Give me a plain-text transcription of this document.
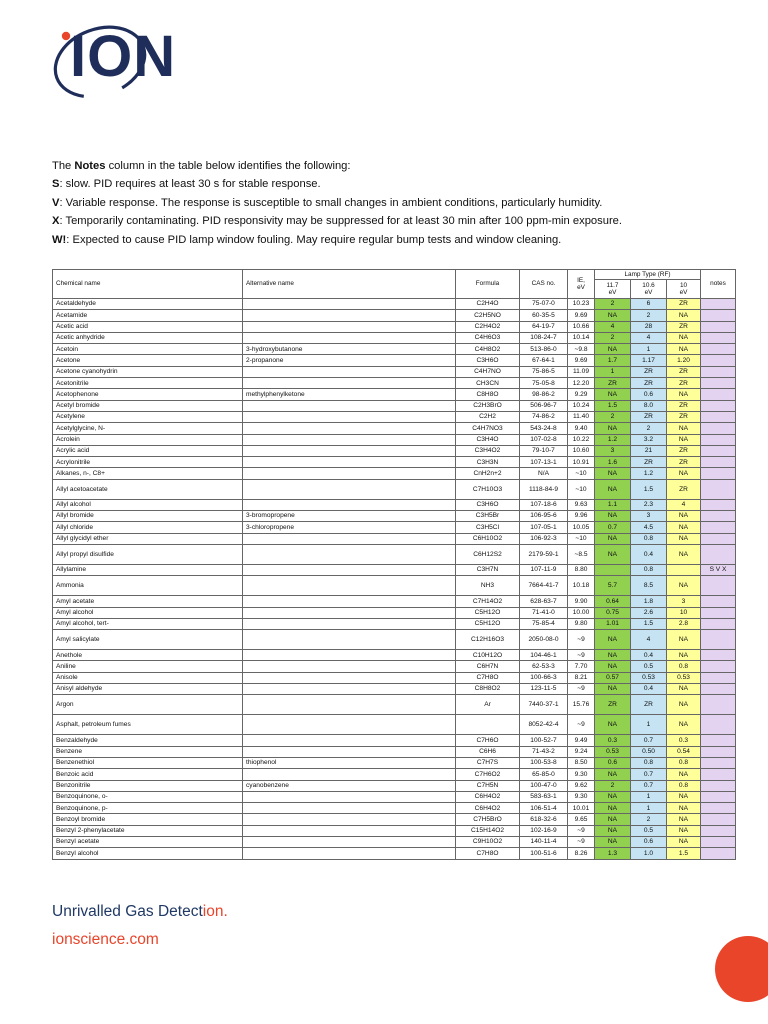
ION

The Notes column in the table below identifies the following:

S: slow. PID requires at least 30 s for stable response.

V: Variable response. The response is susceptible to small changes in ambient conditions, particularly humidity.

X: Temporarily contaminating. PID responsivity may be suppressed for at least 30 min after 100 ppm-min exposure.

W!: Expected to cause PID lamp window fouling. May require regular bump tests and window cleaning.

Chemical name	Alternative name	Formula	CAS no.	IE,
eV	Lamp Type (RF)			notes
					11.7
eV	10.6
eV	10
eV	

Acetaldehyde		C2H4O	75-07-0	10.23	2	6	ZR	
Acetamide		C2H5NO	60-35-5	9.69	NA	2	NA	
Acetic acid		C2H4O2	64-19-7	10.66	4	28	ZR	
Acetic anhydride		C4H6O3	108-24-7	10.14	2	4	NA	
Acetoin	3-hydroxybutanone	C4H8O2	513-86-0	~9.8	NA	1	NA	
Acetone	2-propanone	C3H6O	67-64-1	9.69	1.7	1.17	1.20	
Acetone cyanohydrin		C4H7NO	75-86-5	11.09	1	ZR	ZR	
Acetonitrile		CH3CN	75-05-8	12.20	ZR	ZR	ZR	
Acetophenone	methylphenylketone	C8H8O	98-86-2	9.29	NA	0.6	NA	
Acetyl bromide		C2H3BrO	506-96-7	10.24	1.5	8.0	ZR	
Acetylene		C2H2	74-86-2	11.40	2	ZR	ZR	
Acetylglycine, N-		C4H7NO3	543-24-8	9.40	NA	2	NA	
Acrolein		C3H4O	107-02-8	10.22	1.2	3.2	NA	
Acrylic acid		C3H4O2	79-10-7	10.60	3	21	ZR	
Acrylonitrile		C3H3N	107-13-1	10.91	1.6	ZR	ZR	
Alkanes, n-, C8+		CnH2n+2	N/A	~10	NA	1.2	NA	
Allyl acetoacetate		C7H10O3	1118-84-9	~10	NA	1.5	ZR	
Allyl alcohol		C3H6O	107-18-6	9.63	1.1	2.3	4	
Allyl bromide	3-bromopropene	C3H5Br	106-95-6	9.96	NA	3	NA	
Allyl chloride	3-chloropropene	C3H5Cl	107-05-1	10.05	0.7	4.5	NA	
Allyl glycidyl ether		C6H10O2	106-92-3	~10	NA	0.8	NA	
Allyl propyl disulfide		C6H12S2	2179-59-1	~8.5	NA	0.4	NA	
Allylamine		C3H7N	107-11-9	8.80		0.8		S V X
Ammonia		NH3	7664-41-7	10.18	5.7	8.5	NA	
Amyl acetate		C7H14O2	628-63-7	9.90	0.64	1.8	3	
Amyl alcohol		C5H12O	71-41-0	10.00	0.75	2.6	10	
Amyl alcohol, tert-		C5H12O	75-85-4	9.80	1.01	1.5	2.8	
Amyl salicylate		C12H16O3	2050-08-0	~9	NA	4	NA	
Anethole		C10H12O	104-46-1	~9	NA	0.4	NA	
Aniline		C6H7N	62-53-3	7.70	NA	0.5	0.8	
Anisole		C7H8O	100-66-3	8.21	0.57	0.53	0.53	
Anisyl aldehyde		C8H8O2	123-11-5	~9	NA	0.4	NA	
Argon		Ar	7440-37-1	15.76	ZR	ZR	NA	
Asphalt, petroleum fumes			8052-42-4	~9	NA	1	NA	
Benzaldehyde		C7H6O	100-52-7	9.49	0.3	0.7	0.3	
Benzene		C6H6	71-43-2	9.24	0.53	0.50	0.54	
Benzenethiol	thiophenol	C7H7S	100-53-8	8.50	0.6	0.8	0.8	
Benzoic acid		C7H6O2	65-85-0	9.30	NA	0.7	NA	
Benzonitrile	cyanobenzene	C7H5N	100-47-0	9.62	2	0.7	0.8	
Benzoquinone, o-		C6H4O2	583-63-1	9.30	NA	1	NA	
Benzoquinone, p-		C6H4O2	106-51-4	10.01	NA	1	NA	
Benzoyl bromide		C7H5BrO	618-32-6	9.65	NA	2	NA	
Benzyl 2-phenylacetate		C15H14O2	102-16-9	~9	NA	0.5	NA	
Benzyl acetate		C9H10O2	140-11-4	~9	NA	0.6	NA	
Benzyl alcohol		C7H8O	100-51-6	8.26	1.3	1.0	1.5	
Unrivalled Gas Detection.
ionscience.com
